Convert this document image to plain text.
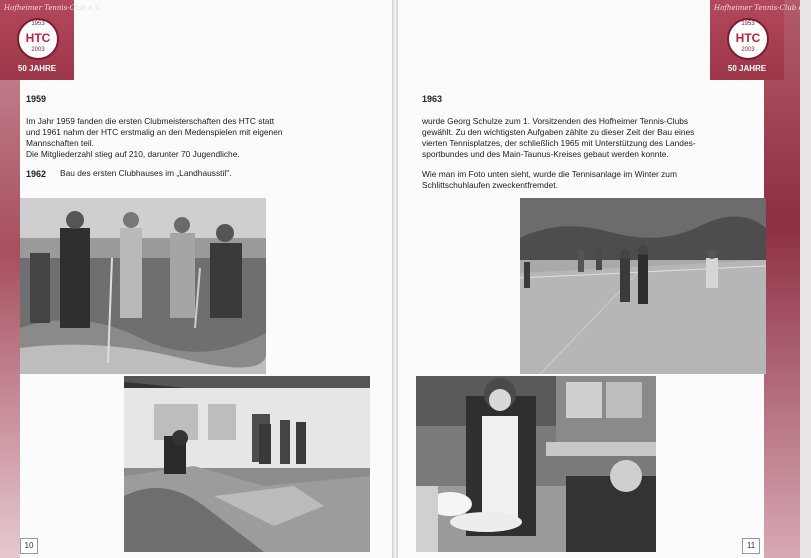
Hofheimer Tennis-Club e.V.
1953
HTC
2003
50 JAHRE
1959
Im Jahr 1959 fanden die ersten Clubmeisterschaften des HTC statt
und 1961 nahm der HTC erstmalig an den Medenspielen mit eigenen
Mannschaften teil.
Die Mitgliederzahl stieg auf 210, darunter 70 Jugendliche.
1962 Bau des ersten Clubhauses im „Landhausstil".
10
Hofheimer Tennis-Club e.V.
1953
HTC
2003
50 JAHRE
1963
wurde Georg Schulze zum 1. Vorsitzenden des Hofheimer Tennis-Clubs
gewählt. Zu den wichtigsten Aufgaben zählte zu dieser Zeit der Bau eines
vierten Tennisplatzes, der schließlich 1965 mit Unterstützung des Landes-
sportbundes und des Main-Taunus-Kreises gebaut werden konnte.
Wie man im Foto unten sieht, wurde die Tennisanlage im Winter zum
Schlittschuhlaufen zweckentfremdet.
11
